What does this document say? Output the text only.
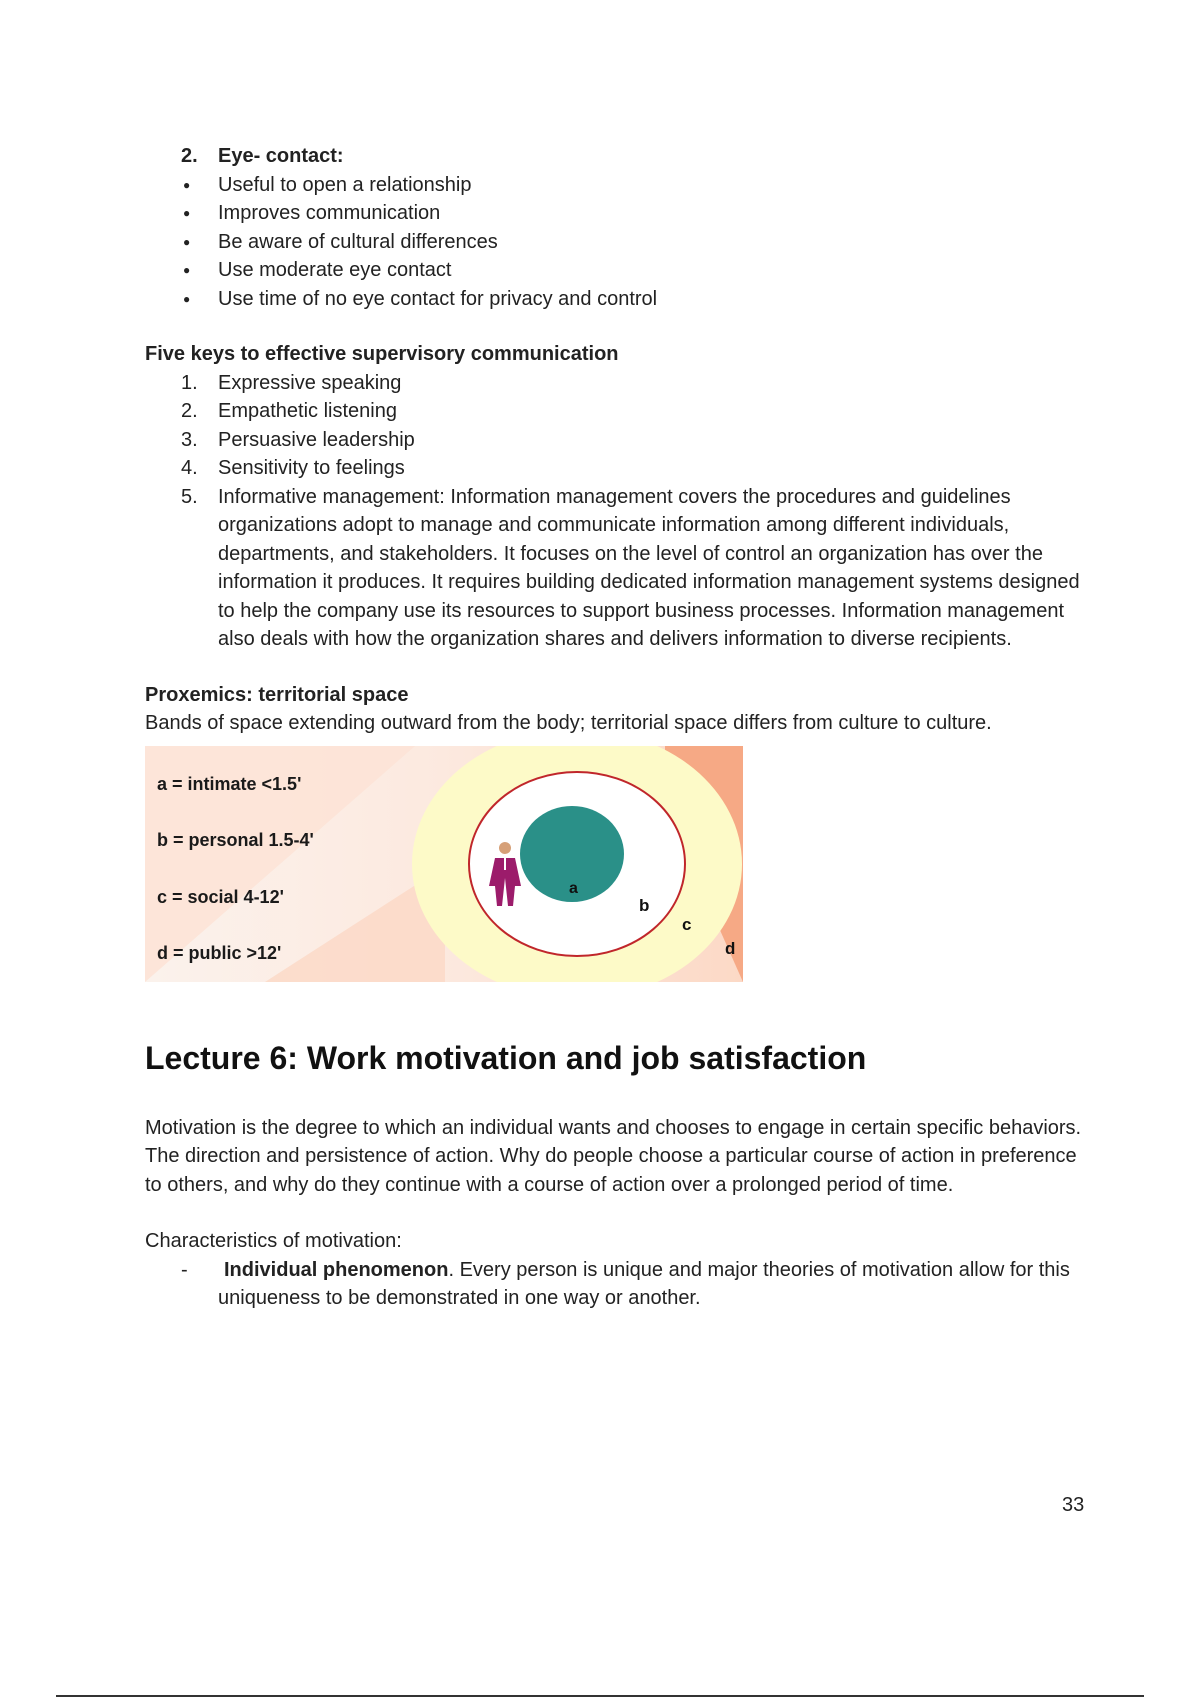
2. Eye- contact:
● Useful to open a relationship
● Improves communication
● Be aware of cultural differences
● Use moderate eye contact
● Use time of no eye contact for privacy and control
Five keys to effective supervisory communication
1. Expressive speaking
2. Empathetic listening
3. Persuasive leadership
4. Sensitivity to feelings
5. Informative management: Information management covers the procedures and guidelines organizations adopt to manage and communicate information among different individuals, departments, and stakeholders. It focuses on the level of control an organization has over the information it produces. It requires building dedicated information management systems designed to help the company use its resources to support business processes. Information management also deals with how the organization shares and delivers information to diverse recipients.
Proxemics: territorial space
Bands of space extending outward from the body; territorial space differs from culture to culture.
a
b
c
d
a = intimate <1.5'
b = personal 1.5-4'
c = social 4-12'
d = public >12'
Lecture 6: Work motivation and job satisfaction
Motivation is the degree to which an individual wants and chooses to engage in certain specific behaviors. The direction and persistence of action. Why do people choose a particular course of action in preference to others, and why do they continue with a course of action over a prolonged period of time.
Characteristics of motivation:
- Individual phenomenon. Every person is unique and major theories of motivation allow for this uniqueness to be demonstrated in one way or another.
33
